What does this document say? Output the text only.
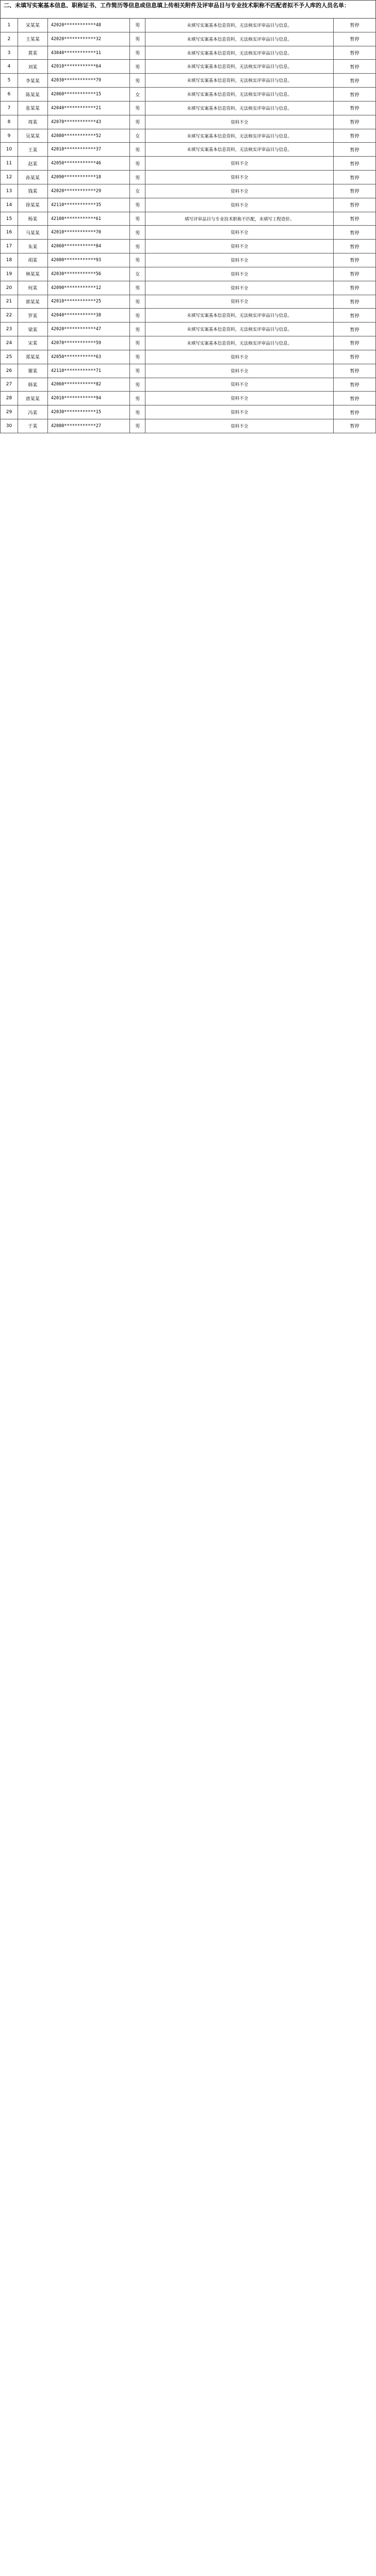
二、未填写实案基本信息、职称证书、工作简历等信息或信息填上传相关附件及评审品目与专业技术职称不匹配者拟不予人库的人员名单：
1	宋某某	42020************48	男	未填写实案基本信息资料，无法核实评审品目与信息。	暂停
2	王某某	42020************32	男	未填写实案基本信息资料，无法核实评审品目与信息。	暂停
3	黄某	43040************11	男	未填写实案基本信息资料，无法核实评审品目与信息。	暂停
4	刘某	42010************64	男	未填写实案基本信息资料，无法核实评审品目与信息。	暂停
5	李某某	42030************79	男	未填写实案基本信息资料，无法核实评审品目与信息。	暂停
6	陈某某	42060************15	女	未填写实案基本信息资料，无法核实评审品目与信息。	暂停
7	张某某	42040************21	男	未填写实案基本信息资料，无法核实评审品目与信息。	暂停
8	周某	42070************43	男	资料不全	暂停
9	吴某某	42080************52	女	未填写实案基本信息资料，无法核实评审品目与信息。	暂停
10	王某	42010************37	男	未填写实案基本信息资料，无法核实评审品目与信息。	暂停
11	赵某	42050************46	男	资料不全	暂停
12	孙某某	42090************18	男	资料不全	暂停
13	钱某	42020************29	女	资料不全	暂停
14	徐某某	42110************35	男	资料不全	暂停
15	杨某	42100************61	男	填写评审品目与专业技术职称不匹配，未填写工程造价。	暂停
16	马某某	42010************70	男	资料不全	暂停
17	朱某	42060************84	男	资料不全	暂停
18	胡某	42080************93	男	资料不全	暂停
19	林某某	42030************56	女	资料不全	暂停
20	何某	42090************12	男	资料不全	暂停
21	郭某某	42010************25	男	资料不全	暂停
22	罗某	42040************38	男	未填写实案基本信息资料，无法核实评审品目与信息。	暂停
23	梁某	42020************47	男	未填写实案基本信息资料，无法核实评审品目与信息。	暂停
24	宋某	42070************59	男	未填写实案基本信息资料，无法核实评审品目与信息。	暂停
25	郑某某	42050************63	男	资料不全	暂停
26	谢某	42110************71	男	资料不全	暂停
27	韩某	42060************82	男	资料不全	暂停
28	唐某某	42010************94	男	资料不全	暂停
29	冯某	42030************15	男	资料不全	暂停
30	于某	42080************27	男	资料不全	暂停
